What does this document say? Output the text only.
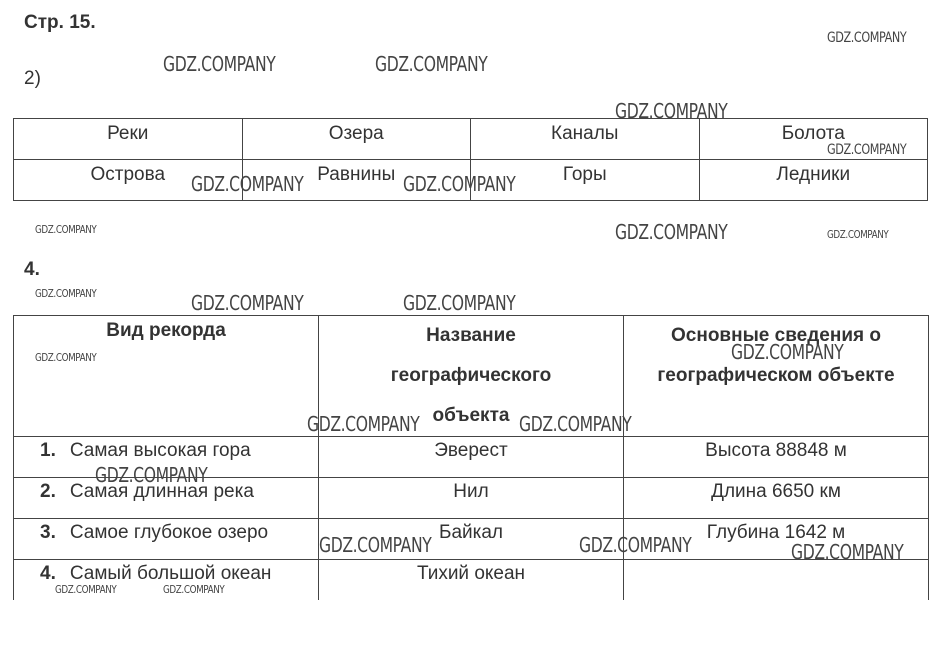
Стр. 15.
2)
Реки	Озера	Каналы	Болота
Острова	Равнины	Горы	Ледники
4.
Вид рекорда	Название географического объекта	Основные сведения о географическом объекте
1. Самая высокая гора	Эверест	Высота 88848 м
2. Самая длинная река	Нил	Длина 6650 км
3. Самое глубокое озеро	Байкал	Глубина 1642 м
4. Самый большой океан	Тихий океан	
GDZ.COMPANY
GDZ.COMPANY	GDZ.COMPANY
GDZ.COMPANY
GDZ.COMPANY
GDZ.COMPANY	GDZ.COMPANY
GDZ.COMPANY	GDZ.COMPANY	GDZ.COMPANY
GDZ.COMPANY	GDZ.COMPANY	GDZ.COMPANY
GDZ.COMPANY
GDZ.COMPANY
GDZ.COMPANY	GDZ.COMPANY
GDZ.COMPANY
GDZ.COMPANY	GDZ.COMPANY	GDZ.COMPANY
GDZ.COMPANY	GDZ.COMPANY
